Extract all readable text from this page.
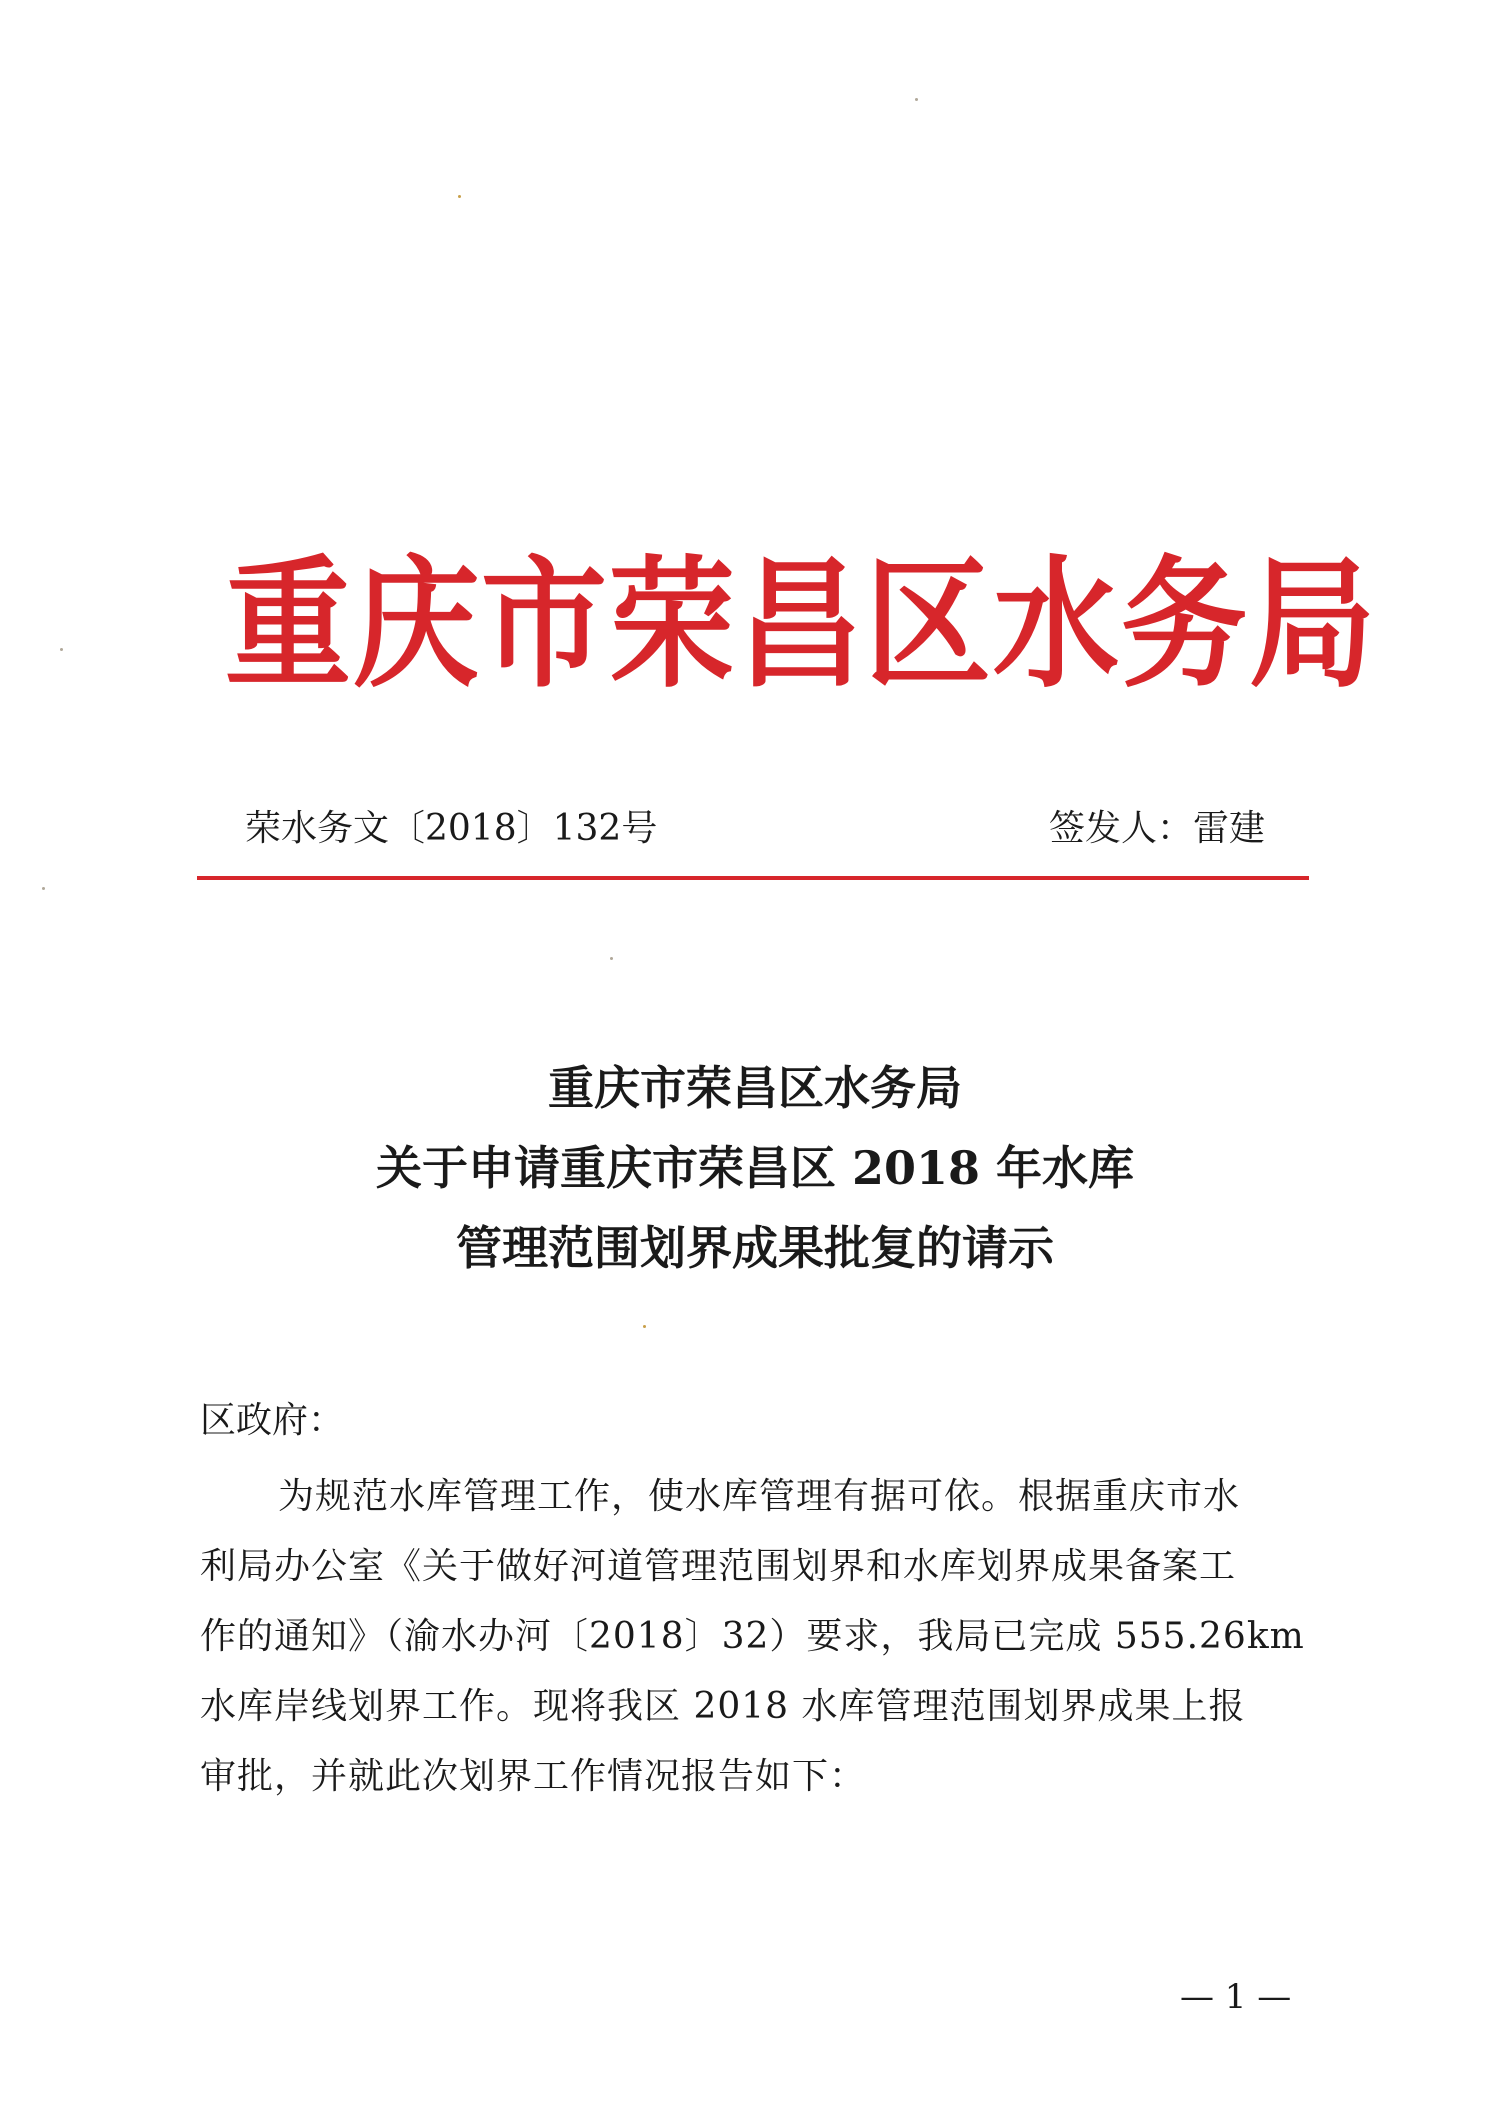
重庆市荣昌区水务局
荣水务文〔2018〕132号	签发人：雷建
重庆市荣昌区水务局
关于申请重庆市荣昌区 2018 年水库
管理范围划界成果批复的请示
区政府：
为规范水库管理工作，使水库管理有据可依。根据重庆市水
利局办公室《关于做好河道管理范围划界和水库划界成果备案工
作的通知》（渝水办河〔2018〕32）要求，我局已完成 555.26km
水库岸线划界工作。现将我区 2018 水库管理范围划界成果上报
审批，并就此次划界工作情况报告如下：
— 1 —
